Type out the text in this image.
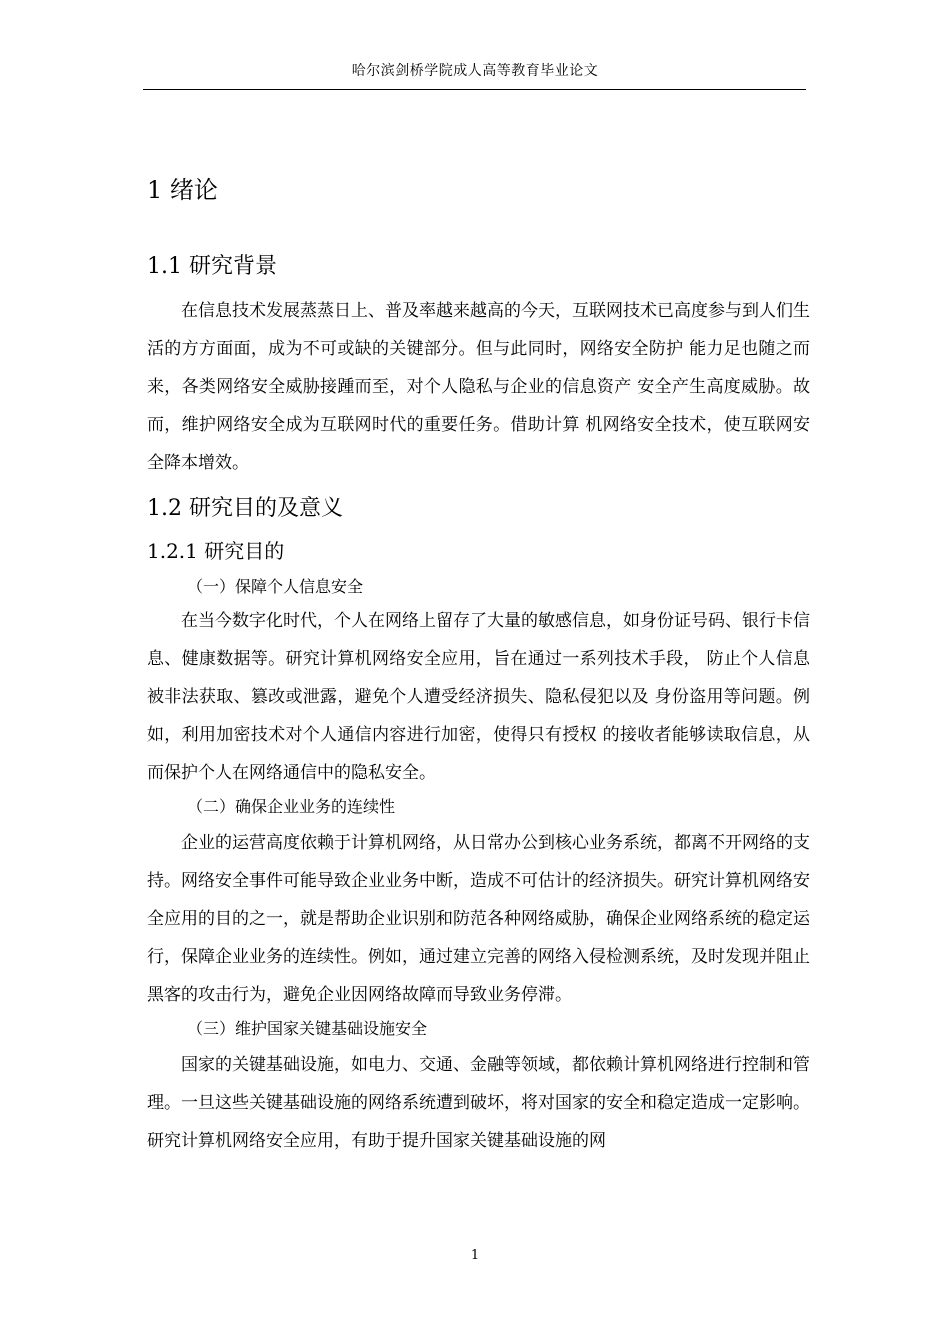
哈尔滨剑桥学院成人高等教育毕业论文
1 绪论
1.1 研究背景

在信息技术发展蒸蒸日上、普及率越来越高的今天，互联网技术已高度参与到人们生活的方方面面，成为不可或缺的关键部分。但与此同时，网络安全防护 能力足也随之而来，各类网络安全威胁接踵而至，对个人隐私与企业的信息资产 安全产生高度威胁。故而，维护网络安全成为互联网时代的重要任务。借助计算 机网络安全技术，使互联网安全降本增效。

1.2 研究目的及意义
1.2.1 研究目的
（一）保障个人信息安全

在当今数字化时代，个人在网络上留存了大量的敏感信息，如身份证号码、银行卡信息、健康数据等。研究计算机网络安全应用，旨在通过一系列技术手段， 防止个人信息被非法获取、篡改或泄露，避免个人遭受经济损失、隐私侵犯以及 身份盗用等问题。例如，利用加密技术对个人通信内容进行加密，使得只有授权 的接收者能够读取信息，从而保护个人在网络通信中的隐私安全。

（二）确保企业业务的连续性

企业的运营高度依赖于计算机网络，从日常办公到核心业务系统，都离不开网络的支持。网络安全事件可能导致企业业务中断，造成不可估计的经济损失。研究计算机网络安全应用的目的之一，就是帮助企业识别和防范各种网络威胁，确保企业网络系统的稳定运行，保障企业业务的连续性。例如，通过建立完善的网络入侵检测系统，及时发现并阻止黑客的攻击行为，避免企业因网络故障而导致业务停滞。

（三）维护国家关键基础设施安全

国家的关键基础设施，如电力、交通、金融等领域，都依赖计算机网络进行控制和管理。一旦这些关键基础设施的网络系统遭到破坏，将对国家的安全和稳定造成一定影响。研究计算机网络安全应用，有助于提升国家关键基础设施的网

1
